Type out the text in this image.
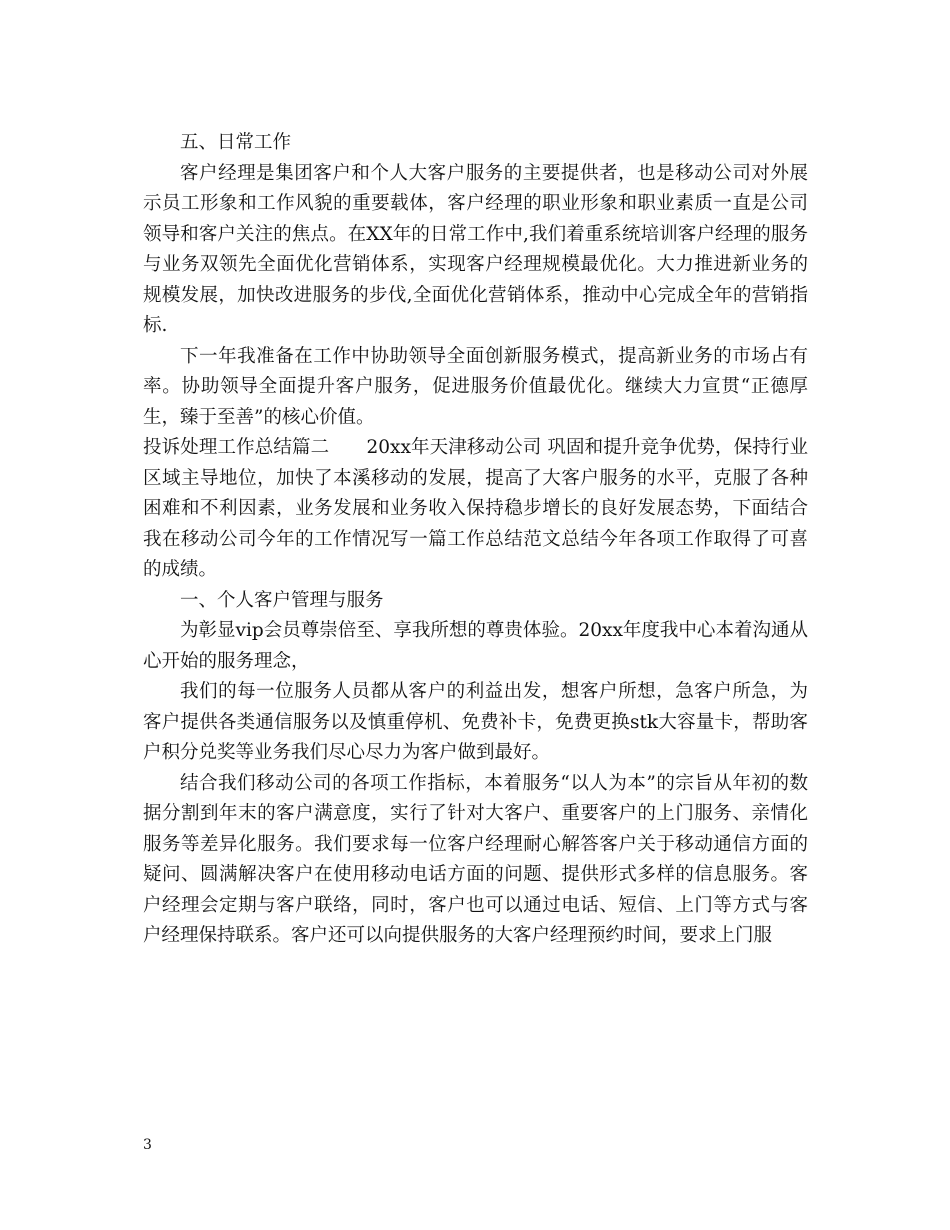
五、日常工作

客户经理是集团客户和个人大客户服务的主要提供者，也是移动公司对外展示员工形象和工作风貌的重要载体，客户经理的职业形象和职业素质一直是公司领导和客户关注的焦点。在XX年的日常工作中,我们着重系统培训客户经理的服务与业务双领先全面优化营销体系，实现客户经理规模最优化。大力推进新业务的规模发展，加快改进服务的步伐,全面优化营销体系，推动中心完成全年的营销指标.

下一年我准备在工作中协助领导全面创新服务模式，提高新业务的市场占有率。协助领导全面提升客户服务，促进服务价值最优化。继续大力宣贯“正德厚生，臻于至善”的核心价值。

投诉处理工作总结篇二　　20xx年天津移动公司 巩固和提升竞争优势，保持行业区域主导地位，加快了本溪移动的发展，提高了大客户服务的水平，克服了各种困难和不利因素，业务发展和业务收入保持稳步增长的良好发展态势，下面结合我在移动公司今年的工作情况写一篇工作总结范文总结今年各项工作取得了可喜的成绩。

一、个人客户管理与服务

为彰显vip会员尊崇倍至、享我所想的尊贵体验。20xx年度我中心本着沟通从心开始的服务理念，

我们的每一位服务人员都从客户的利益出发，想客户所想，急客户所急，为客户提供各类通信服务以及慎重停机、免费补卡，免费更换stk大容量卡，帮助客户积分兑奖等业务我们尽心尽力为客户做到最好。

结合我们移动公司的各项工作指标，本着服务“以人为本”的宗旨从年初的数据分割到年末的客户满意度，实行了针对大客户、重要客户的上门服务、亲情化服务等差异化服务。我们要求每一位客户经理耐心解答客户关于移动通信方面的疑问、圆满解决客户在使用移动电话方面的问题、提供形式多样的信息服务。客户经理会定期与客户联络，同时，客户也可以通过电话、短信、上门等方式与客户经理保持联系。客户还可以向提供服务的大客户经理预约时间，要求上门服

3
